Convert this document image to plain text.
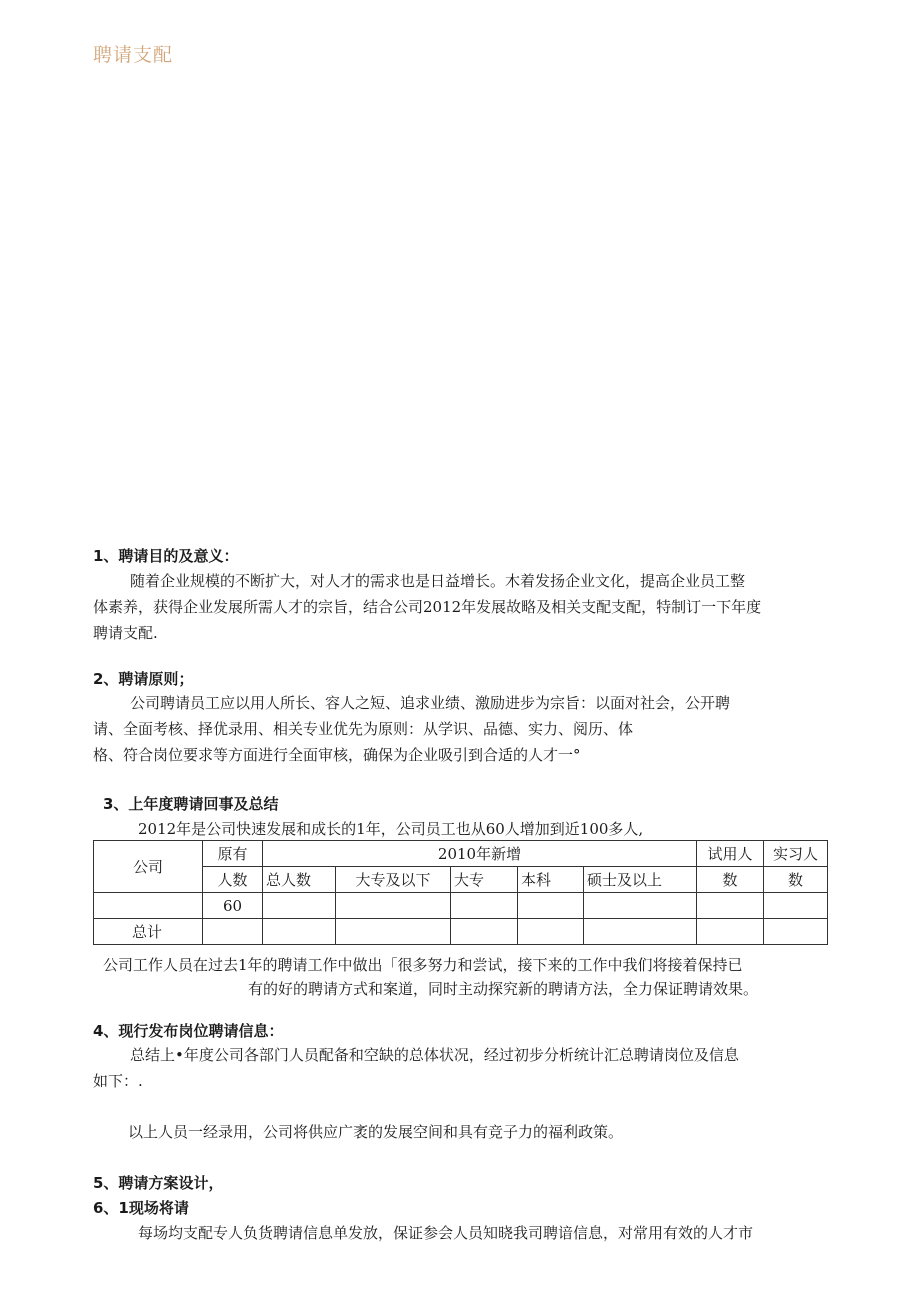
聘请支配
1、聘请目的及意义：
随着企业规模的不断扩大，对人才的需求也是日益增长。木着发扬企业文化，提高企业员工整
体素养，获得企业发展所需人才的宗旨，结合公司2012年发展故略及相关支配支配，特制订一下年度
聘请支配.
2、聘请原则；
公司聘请员工应以用人所长、容人之短、追求业绩、激励进步为宗旨：以面对社会，公开聘
请、全面考核、择优录用、相关专业优先为原则：从学识、品德、实力、阅历、体
格、符合岗位要求等方面进行全面审核，确保为企业吸引到合适的人才一°
3、上年度聘请回事及总结
2012年是公司快速发展和成长的1年，公司员工也从60人增加到近100多人,
公司	原有	2010年新增					试用人	实习人
	人数	总人数	大专及以下	大专	本科	硕士及以上	数	数
	60							
总计								
公司工作人员在过去1年的聘请工作中做出「很多努力和尝试，接下来的工作中我们将接着保持已
有的好的聘请方式和案道，同时主动探究新的聘请方法，全力保证聘请效果。
4、现行发布岗位聘请信息：
总结上•年度公司各部门人员配备和空缺的总体状况，经过初步分析统计汇总聘请岗位及信息
如下：.
以上人员一经录用，公司将供应广袤的发展空间和具有竞子力的福利政策。
5、聘请方案设计，
6、1现场将请
每场均支配专人负货聘请信息单发放，保证参会人员知晓我司聘谙信息，对常用有效的人才市
